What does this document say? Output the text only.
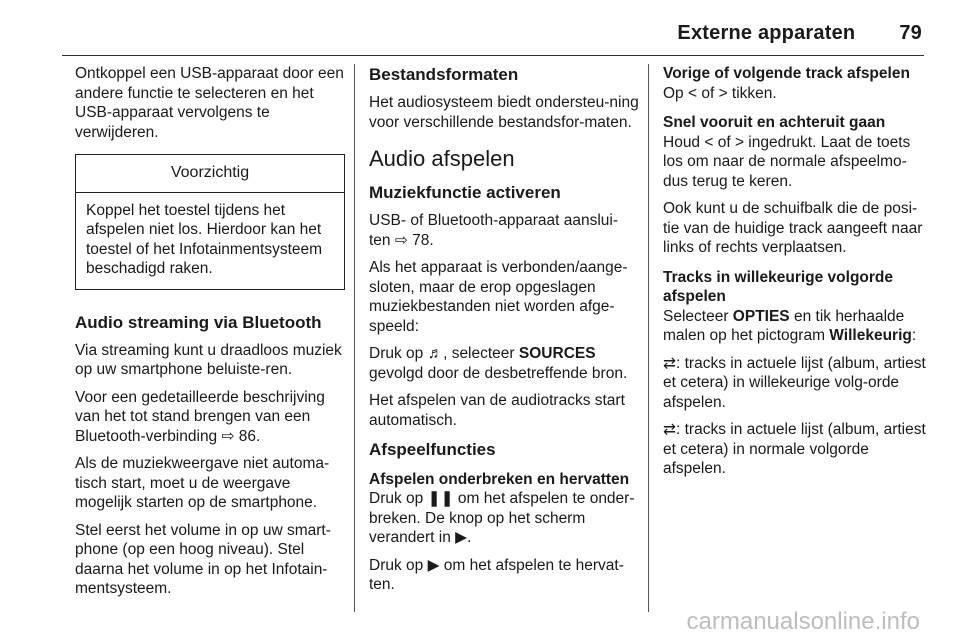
Externe apparaten 79

Ontkoppel een USB-apparaat door een andere functie te selecteren en het USB-apparaat vervolgens te verwijderen.

Voorzichtig
Koppel het toestel tijdens het afspelen niet los. Hierdoor kan het toestel of het Infotainmentsysteem beschadigd raken.
Audio streaming via Bluetooth

Via streaming kunt u draadloos muziek op uw smartphone beluiste-ren.

Voor een gedetailleerde beschrijving van het tot stand brengen van een Bluetooth-verbinding ⇨ 86.

Als de muziekweergave niet automa-tisch start, moet u de weergave mogelijk starten op de smartphone.

Stel eerst het volume in op uw smart-phone (op een hoog niveau). Stel daarna het volume in op het Infotain-mentsysteem.

Bestandsformaten

Het audiosysteem biedt ondersteu-ning voor verschillende bestandsfor-maten.

Audio afspelen
Muziekfunctie activeren

USB- of Bluetooth-apparaat aanslui-ten ⇨ 78.

Als het apparaat is verbonden/aange-sloten, maar de erop opgeslagen muziekbestanden niet worden afge-speeld:

Druk op ♬, selecteer SOURCES gevolgd door de desbetreffende bron.

Het afspelen van de audiotracks start automatisch.

Afspeelfuncties
Afspelen onderbreken en hervatten

Druk op ❚❚ om het afspelen te onder-breken. De knop op het scherm verandert in ▶.

Druk op ▶ om het afspelen te hervat-ten.

Vorige of volgende track afspelen

Op < of > tikken.

Snel vooruit en achteruit gaan

Houd < of > ingedrukt. Laat de toets los om naar de normale afspeelmo-dus terug te keren.

Ook kunt u de schuifbalk die de posi-tie van de huidige track aangeeft naar links of rechts verplaatsen.

Tracks in willekeurige volgorde afspelen

Selecteer OPTIES en tik herhaalde malen op het pictogram Willekeurig:

⇄: tracks in actuele lijst (album, artiest et cetera) in willekeurige volg-orde afspelen.

⇄: tracks in actuele lijst (album, artiest et cetera) in normale volgorde afspelen.

carmanualsonline.info
